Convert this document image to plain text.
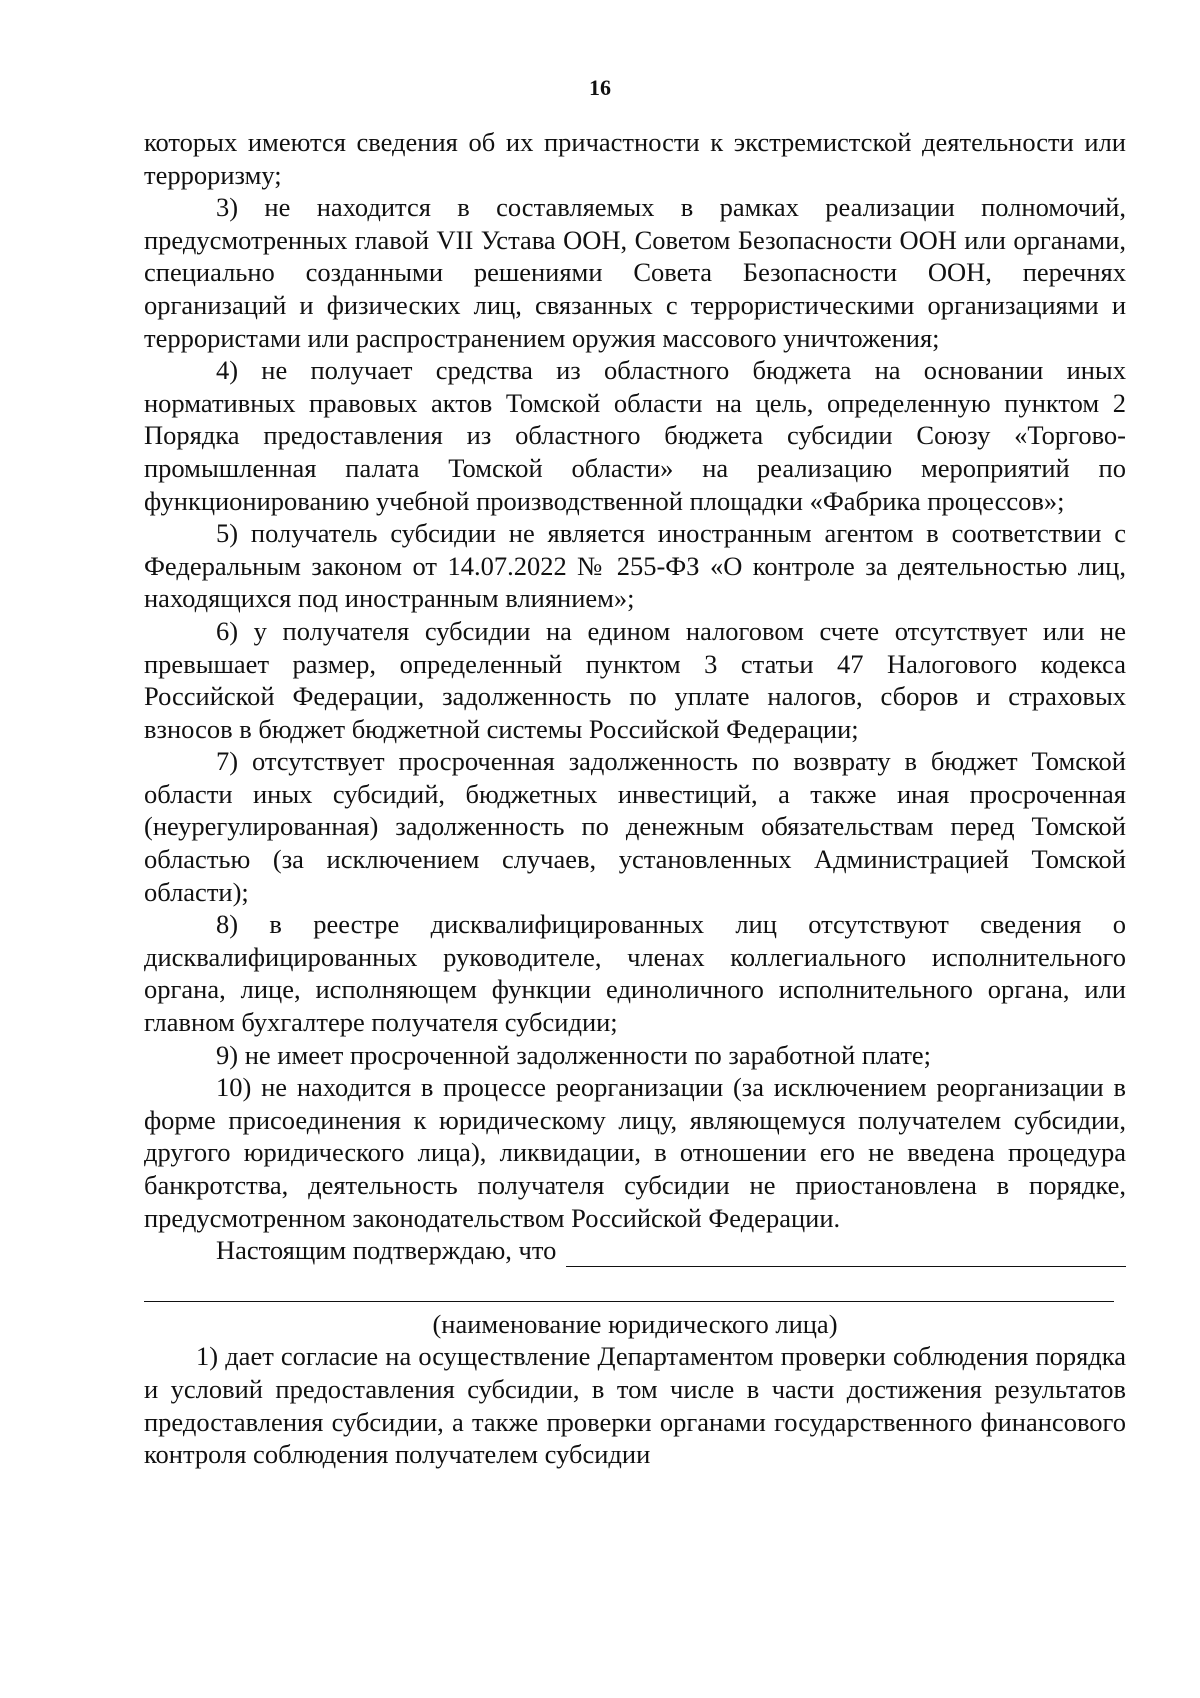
16

которых имеются сведения об их причастности к экстремистской деятельности или терроризму;

3) не находится в составляемых в рамках реализации полномочий, предусмотренных главой VII Устава ООН, Советом Безопасности ООН или органами, специально созданными решениями Совета Безопасности ООН, перечнях организаций и физических лиц, связанных с террористическими организациями и террористами или распространением оружия массового уничтожения;

4) не получает средства из областного бюджета на основании иных нормативных правовых актов Томской области на цель, определенную пунктом 2 Порядка предоставления из областного бюджета субсидии Союзу «Торгово-промышленная палата Томской области» на реализацию мероприятий по функционированию учебной производственной площадки «Фабрика процессов»;

5) получатель субсидии не является иностранным агентом в соответствии с Федеральным законом от 14.07.2022 № 255-ФЗ «О контроле за деятельностью лиц, находящихся под иностранным влиянием»;

6) у получателя субсидии на едином налоговом счете отсутствует или не превышает размер, определенный пунктом 3 статьи 47 Налогового кодекса Российской Федерации, задолженность по уплате налогов, сборов и страховых взносов в бюджет бюджетной системы Российской Федерации;

7) отсутствует просроченная задолженность по возврату в бюджет Томской области иных субсидий, бюджетных инвестиций, а также иная просроченная (неурегулированная) задолженность по денежным обязательствам перед Томской областью (за исключением случаев, установленных Администрацией Томской области);

8) в реестре дисквалифицированных лиц отсутствуют сведения о дисквалифицированных руководителе, членах коллегиального исполнительного органа, лице, исполняющем функции единоличного исполнительного органа, или главном бухгалтере получателя субсидии;

9) не имеет просроченной задолженности по заработной плате;

10) не находится в процессе реорганизации (за исключением реорганизации в форме присоединения к юридическому лицу, являющемуся получателем субсидии, другого юридического лица), ликвидации, в отношении его не введена процедура банкротства, деятельность получателя субсидии не приостановлена в порядке, предусмотренном законодательством Российской Федерации.

Настоящим подтверждаю, что

(наименование юридического лица)

1) дает согласие на осуществление Департаментом проверки соблюдения порядка и условий предоставления субсидии, в том числе в части достижения результатов предоставления субсидии, а также проверки органами государственного финансового контроля соблюдения получателем субсидии
